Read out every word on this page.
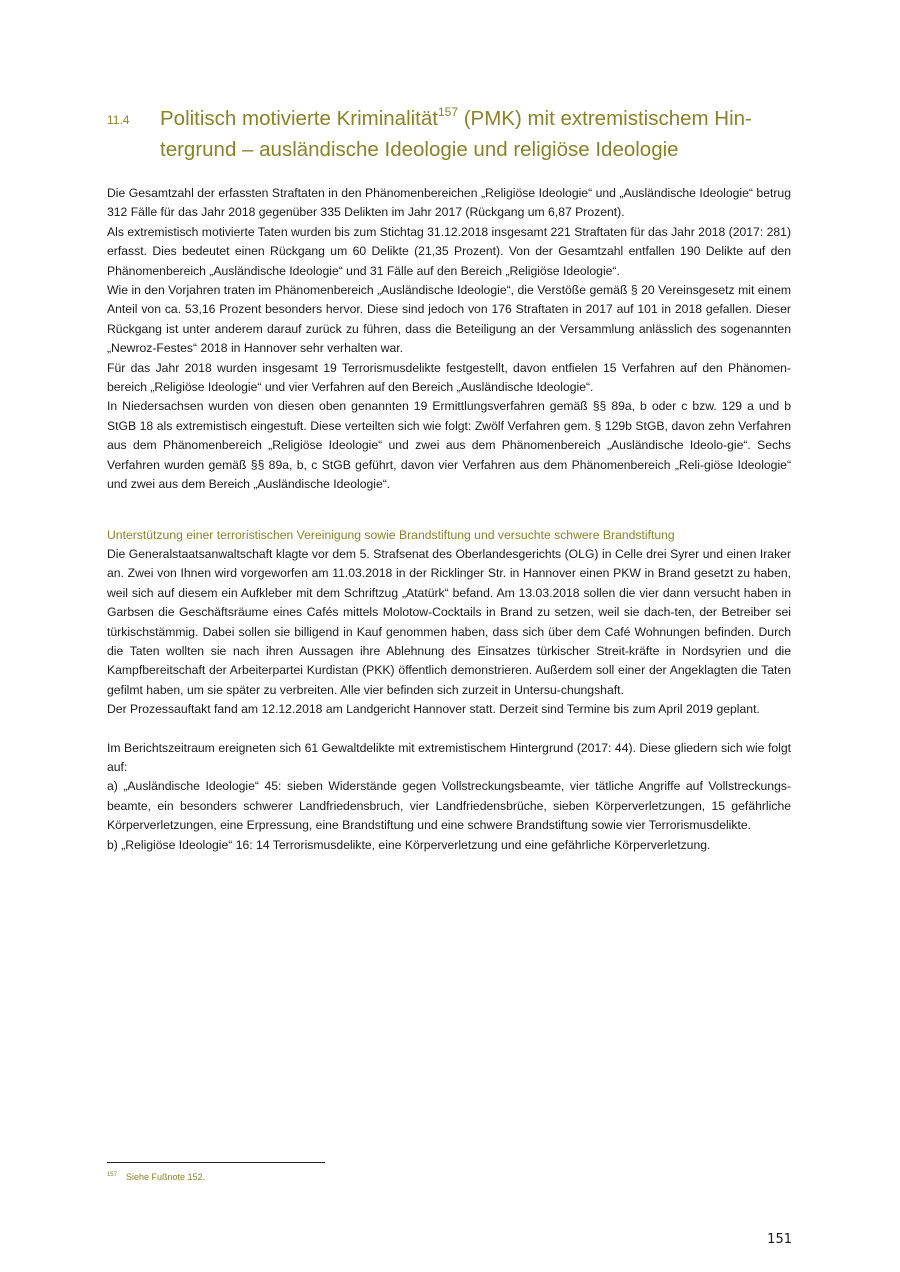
11.4 Politisch motivierte Kriminalität$^{157}$ (PMK) mit extremistischem Hin-
tergrund – ausländische Ideologie und religiöse Ideologie

Die Gesamtzahl der erfassten Straftaten in den Phänomenbereichen „Religiöse Ideologie“ und „Ausländische Ideologie“ betrug 312 Fälle für das Jahr 2018 gegenüber 335 Delikten im Jahr 2017 (Rückgang um 6,87 Prozent).

Als extremistisch motivierte Taten wurden bis zum Stichtag 31.12.2018 insgesamt 221 Straftaten für das Jahr 2018 (2017: 281) erfasst. Dies bedeutet einen Rückgang um 60 Delikte (21,35 Prozent). Von der Gesamtzahl entfallen 190 Delikte auf den Phänomenbereich „Ausländische Ideologie“ und 31 Fälle auf den Bereich „Religiöse Ideologie“.

Wie in den Vorjahren traten im Phänomenbereich „Ausländische Ideologie“, die Verstöße gemäß § 20 Vereinsgesetz mit einem Anteil von ca. 53,16 Prozent besonders hervor. Diese sind jedoch von 176 Straftaten in 2017 auf 101 in 2018 gefallen. Dieser Rückgang ist unter anderem darauf zurück zu führen, dass die Beteiligung an der Versammlung anlässlich des sogenannten „Newroz-Festes“ 2018 in Hannover sehr verhalten war.

Für das Jahr 2018 wurden insgesamt 19 Terrorismusdelikte festgestellt, davon entfielen 15 Verfahren auf den Phänomen-bereich „Religiöse Ideologie“ und vier Verfahren auf den Bereich „Ausländische Ideologie“.

In Niedersachsen wurden von diesen oben genannten 19 Ermittlungsverfahren gemäß §§ 89a, b oder c bzw. 129 a und b StGB 18 als extremistisch eingestuft. Diese verteilten sich wie folgt: Zwölf Verfahren gem. § 129b StGB, davon zehn Verfahren aus dem Phänomenbereich „Religiöse Ideologie“ und zwei aus dem Phänomenbereich „Ausländische Ideolo-gie“. Sechs Verfahren wurden gemäß §§ 89a, b, c StGB geführt, davon vier Verfahren aus dem Phänomenbereich „Reli-giöse Ideologie“ und zwei aus dem Bereich „Ausländische Ideologie“.

Unterstützung einer terroristischen Vereinigung sowie Brandstiftung und versuchte schwere Brandstiftung

Die Generalstaatsanwaltschaft klagte vor dem 5. Strafsenat des Oberlandesgerichts (OLG) in Celle drei Syrer und einen Iraker an. Zwei von Ihnen wird vorgeworfen am 11.03.2018 in der Ricklinger Str. in Hannover einen PKW in Brand gesetzt zu haben, weil sich auf diesem ein Aufkleber mit dem Schriftzug „Atatürk“ befand. Am 13.03.2018 sollen die vier dann versucht haben in Garbsen die Geschäftsräume eines Cafés mittels Molotow-Cocktails in Brand zu setzen, weil sie dach-ten, der Betreiber sei türkischstämmig. Dabei sollen sie billigend in Kauf genommen haben, dass sich über dem Café Wohnungen befinden. Durch die Taten wollten sie nach ihren Aussagen ihre Ablehnung des Einsatzes türkischer Streit-kräfte in Nordsyrien und die Kampfbereitschaft der Arbeiterpartei Kurdistan (PKK) öffentlich demonstrieren. Außerdem soll einer der Angeklagten die Taten gefilmt haben, um sie später zu verbreiten. Alle vier befinden sich zurzeit in Untersu-chungshaft.

Der Prozessauftakt fand am 12.12.2018 am Landgericht Hannover statt. Derzeit sind Termine bis zum April 2019 geplant.

Im Berichtszeitraum ereigneten sich 61 Gewaltdelikte mit extremistischem Hintergrund (2017: 44). Diese gliedern sich wie folgt auf:

a) „Ausländische Ideologie“ 45: sieben Widerstände gegen Vollstreckungsbeamte, vier tätliche Angriffe auf Vollstreckungs-beamte, ein besonders schwerer Landfriedensbruch, vier Landfriedensbrüche, sieben Körperverletzungen, 15 gefährliche Körperverletzungen, eine Erpressung, eine Brandstiftung und eine schwere Brandstiftung sowie vier Terrorismusdelikte.

b) „Religiöse Ideologie“ 16: 14 Terrorismusdelikte, eine Körperverletzung und eine gefährliche Körperverletzung.

$^{157}$ Siehe Fußnote 152.
151
